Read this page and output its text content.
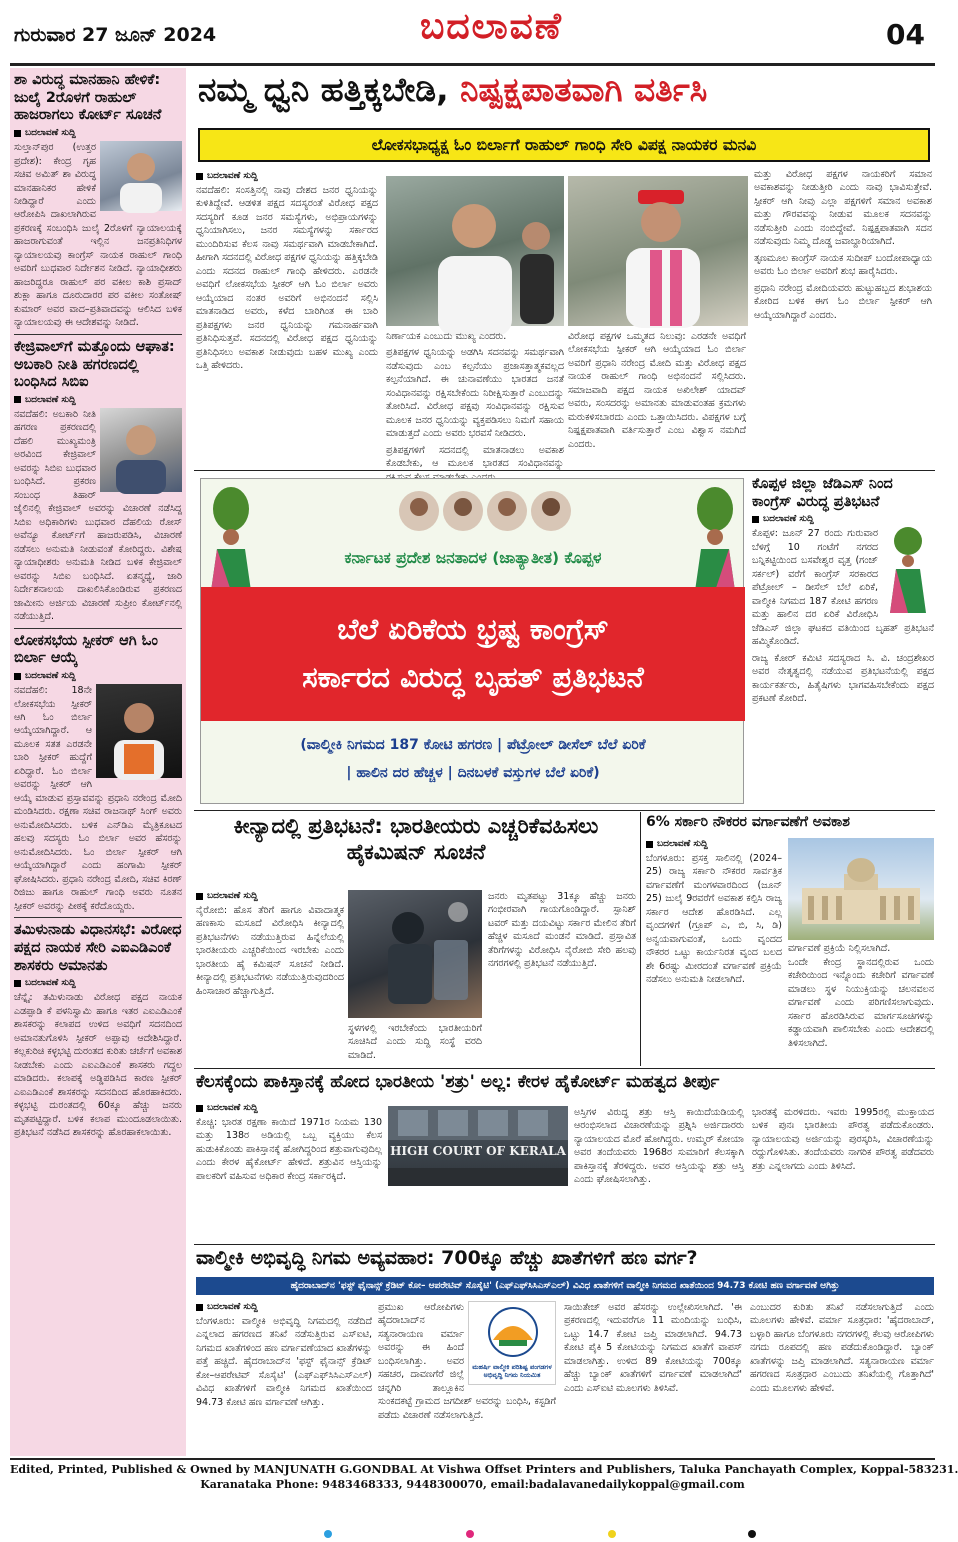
ಗುರುವಾರ 27 ಜೂನ್ 2024	ಬದಲಾವಣೆ	04
ಶಾ ವಿರುದ್ಧ ಮಾನಹಾನಿ ಹೇಳಿಕೆ: ಜುಲೈ 2ರೊಳಗೆ ರಾಹುಲ್ ಹಾಜರಾಗಲು ಕೋರ್ಟ್ ಸೂಚನೆ
ಬದಲಾವಣೆ ಸುದ್ದಿ
ಸುಲ್ತಾನ್‌ಪುರ (ಉತ್ತರ ಪ್ರದೇಶ): ಕೇಂದ್ರ ಗೃಹ ಸಚಿವ ಅಮಿತ್ ಶಾ ವಿರುದ್ಧ ಮಾನಹಾನಿಕರ ಹೇಳಿಕೆ ನೀಡಿದ್ದಾರೆ ಎಂದು ಆರೋಪಿಸಿ ದಾಖಲಾಗಿರುವ ಪ್ರಕರಣಕ್ಕೆ ಸಂಬಂಧಿಸಿ ಜುಲೈ 2ರೊಳಗೆ ನ್ಯಾಯಾಲಯಕ್ಕೆ ಹಾಜರಾಗುವಂತೆ ಇಲ್ಲಿನ ಜನಪ್ರತಿನಿಧಿಗಳ ನ್ಯಾಯಾಲಯವು ಕಾಂಗ್ರೆಸ್ ನಾಯಕ ರಾಹುಲ್ ಗಾಂಧಿ ಅವರಿಗೆ ಬುಧವಾರ ನಿರ್ದೇಶನ ನೀಡಿದೆ. ನ್ಯಾಯಾಧೀಶರು ಹಾಜರಿದ್ದರೂ ರಾಹುಲ್ ಪರ ವಕೀಲ ಕಾಶಿ ಪ್ರಸಾದ್ ಶುಕ್ಲಾ ಹಾಗೂ ದೂರುದಾರರ ಪರ ವಕೀಲ ಸಂತೋಷ್ ಕುಮಾರ್ ಅವರ ವಾದ–ಪ್ರತಿವಾದವನ್ನು ಆಲಿಸಿದ ಬಳಿಕ ನ್ಯಾಯಾಲಯವು ಈ ಆದೇಶವನ್ನು ನೀಡಿದೆ.
ಕೇಜ್ರಿವಾಲ್‌ಗೆ ಮತ್ತೊಂದು ಆಘಾತ: ಅಬಕಾರಿ ನೀತಿ ಹಗರಣದಲ್ಲಿ ಬಂಧಿಸಿದ ಸಿಬಿಐ
ಬದಲಾವಣೆ ಸುದ್ದಿ
ನವದೆಹಲಿ: ಅಬಕಾರಿ ನೀತಿ ಹಗರಣ ಪ್ರಕರಣದಲ್ಲಿ ದೆಹಲಿ ಮುಖ್ಯಮಂತ್ರಿ ಅರವಿಂದ ಕೇಜ್ರಿವಾಲ್ ಅವರನ್ನು ಸಿಬಿಐ ಬುಧವಾರ ಬಂಧಿಸಿದೆ. ಪ್ರಕರಣ ಸಂಬಂಧ ತಿಹಾರ್ ಜೈಲಿನಲ್ಲಿ ಕೇಜ್ರಿವಾಲ್ ಅವರನ್ನು ವಿಚಾರಣೆ ನಡೆಸಿದ್ದ ಸಿಬಿಐ ಅಧಿಕಾರಿಗಳು ಬುಧವಾರ ದೆಹಲಿಯ ರೋಸ್ ಅವೆನ್ಯೂ ಕೋರ್ಟ್‌ಗೆ ಹಾಜರುಪಡಿಸಿ, ವಿಚಾರಣೆ ನಡೆಸಲು ಅನುಮತಿ ನೀಡುವಂತೆ ಕೋರಿದ್ದರು. ವಿಶೇಷ ನ್ಯಾಯಾಧೀಶರು ಅನುಮತಿ ನೀಡಿದ ಬಳಿಕ ಕೇಜ್ರಿವಾಲ್ ಅವರನ್ನು ಸಿಬಿಐ ಬಂಧಿಸಿದೆ. ಏತನ್ಮಧ್ಯೆ, ಜಾರಿ ನಿರ್ದೇಶನಾಲಯ ದಾಖಲಿಸಿಕೊಂಡಿರುವ ಪ್ರಕರಣದ ಜಾಮೀನು ಅರ್ಜಿಯ ವಿಚಾರಣೆ ಸುಪ್ರೀಂ ಕೋರ್ಟ್‌ನಲ್ಲಿ ನಡೆಯುತ್ತಿದೆ.
ಲೋಕಸಭೆಯ ಸ್ಪೀಕರ್ ಆಗಿ ಓಂ ಬಿರ್ಲಾ ಆಯ್ಕೆ
ಬದಲಾವಣೆ ಸುದ್ದಿ
ನವದೆಹಲಿ: 18ನೇ ಲೋಕಸಭೆಯ ಸ್ಪೀಕರ್ ಆಗಿ ಓಂ ಬಿರ್ಲಾ ಆಯ್ಕೆಯಾಗಿದ್ದಾರೆ. ಆ ಮೂಲಕ ಸತತ ಎರಡನೇ ಬಾರಿ ಸ್ಪೀಕರ್ ಹುದ್ದೆಗೆ ಏರಿದ್ದಾರೆ. ಓಂ ಬಿರ್ಲಾ ಅವರನ್ನು ಸ್ಪೀಕರ್ ಆಗಿ ಆಯ್ಕೆ ಮಾಡುವ ಪ್ರಸ್ತಾವವನ್ನು ಪ್ರಧಾನಿ ನರೇಂದ್ರ ಮೋದಿ ಮಂಡಿಸಿದರು. ರಕ್ಷಣಾ ಸಚಿವ ರಾಜನಾಥ್ ಸಿಂಗ್ ಅವರು ಅನುಮೋದಿಸಿದರು. ಬಳಿಕ ಎನ್‌ಡಿಎ ಮೈತ್ರಿಕೂಟದ ಹಲವು ಸದಸ್ಯರು ಓಂ ಬಿರ್ಲಾ ಅವರ ಹೆಸರನ್ನು ಅನುಮೋದಿಸಿದರು. ಓಂ ಬಿರ್ಲಾ ಸ್ಪೀಕರ್ ಆಗಿ ಆಯ್ಕೆಯಾಗಿದ್ದಾರೆ ಎಂದು ಹಂಗಾಮಿ ಸ್ಪೀಕರ್ ಘೋಷಿಸಿದರು. ಪ್ರಧಾನಿ ನರೇಂದ್ರ ಮೋದಿ, ಸಚಿವ ಕಿರಣ್ ರಿಜಿಜು ಹಾಗೂ ರಾಹುಲ್ ಗಾಂಧಿ ಅವರು ನೂತನ ಸ್ಪೀಕರ್ ಅವರನ್ನು ಪೀಠಕ್ಕೆ ಕರೆದೊಯ್ದರು.
ತಮಿಳುನಾಡು ವಿಧಾನಸಭೆ: ವಿರೋಧ ಪಕ್ಷದ ನಾಯಕ ಸೇರಿ ಎಐಎಡಿಎಂಕೆ ಶಾಸಕರು ಅಮಾನತು
ಬದಲಾವಣೆ ಸುದ್ದಿ
ಚೆನ್ನೈ: ತಮಿಳುನಾಡು ವಿರೋಧ ಪಕ್ಷದ ನಾಯಕ ಎಡಪ್ಪಾಡಿ ಕೆ ಪಳನಿಸ್ವಾಮಿ ಹಾಗೂ ಇತರ ಎಐಎಡಿಎಂಕೆ ಶಾಸಕರನ್ನು ಕಲಾಪದ ಉಳಿದ ಅವಧಿಗೆ ಸದನದಿಂದ ಅಮಾನತುಗೊಳಿಸಿ ಸ್ಪೀಕರ್ ಅಪ್ಪಾವು ಆದೇಶಿಸಿದ್ದಾರೆ. ಕಲ್ಲಕುರಿಚಿ ಕಳ್ಳಭಟ್ಟಿ ದುರಂತದ ಕುರಿತು ಚರ್ಚೆಗೆ ಅವಕಾಶ ನೀಡಬೇಕು ಎಂದು ಎಐಎಡಿಎಂಕೆ ಶಾಸಕರು ಗದ್ದಲ ಮಾಡಿದರು. ಕಲಾಪಕ್ಕೆ ಅಡ್ಡಿಪಡಿಸಿದ ಕಾರಣ ಸ್ಪೀಕರ್ ಎಐಎಡಿಎಂಕೆ ಶಾಸಕರನ್ನು ಸದನದಿಂದ ಹೊರಹಾಕಿದರು. ಕಳ್ಳಭಟ್ಟಿ ದುರಂತದಲ್ಲಿ 60ಕ್ಕೂ ಹೆಚ್ಚು ಜನರು ಮೃತಪಟ್ಟಿದ್ದಾರೆ. ಬಳಿಕ ಕಲಾಪ ಮುಂದೂಡಲಾಯಿತು. ಪ್ರತಿಭಟನೆ ನಡೆಸಿದ ಶಾಸಕರನ್ನು ಹೊರಹಾಕಲಾಯಿತು.
ನಮ್ಮ ಧ್ವನಿ ಹತ್ತಿಕ್ಕಬೇಡಿ, ನಿಷ್ಪಕ್ಷಪಾತವಾಗಿ ವರ್ತಿಸಿ
ಲೋಕಸಭಾಧ್ಯಕ್ಷ ಓಂ ಬಿರ್ಲಾಗೆ ರಾಹುಲ್ ಗಾಂಧಿ ಸೇರಿ ವಿಪಕ್ಷ ನಾಯಕರ ಮನವಿ
ಬದಲಾವಣೆ ಸುದ್ದಿ
ನವದೆಹಲಿ: ಸಂಸತ್ತಿನಲ್ಲಿ ನಾವು ದೇಶದ ಜನರ ಧ್ವನಿಯನ್ನು ಕುಳಿತಿದ್ದೇವೆ. ಆಡಳಿತ ಪಕ್ಷದ ಸದಸ್ಯರಂತೆ ವಿರೋಧ ಪಕ್ಷದ ಸದಸ್ಯರಿಗೆ ಕೂಡ ಜನರ ಸಮಸ್ಯೆಗಳು, ಅಭಿಪ್ರಾಯಗಳನ್ನು ಧ್ವನಿಯಾಗಿಸಲು, ಜನರ ಸಮಸ್ಯೆಗಳನ್ನು ಸರ್ಕಾರದ ಮುಂದಿರಿಸುವ ಕೆಲಸ ನಾವು ಸಮರ್ಥವಾಗಿ ಮಾಡಬೇಕಾಗಿದೆ. ಹೀಗಾಗಿ ಸದನದಲ್ಲಿ ವಿರೋಧ ಪಕ್ಷಗಳ ಧ್ವನಿಯನ್ನು ಹತ್ತಿಕ್ಕಬೇಡಿ ಎಂದು ಸದನದ ರಾಹುಲ್ ಗಾಂಧಿ ಹೇಳಿದರು. ಎರಡನೇ ಅವಧಿಗೆ ಲೋಕಸಭೆಯ ಸ್ಪೀಕರ್ ಆಗಿ ಓಂ ಬಿರ್ಲಾ ಅವರು ಆಯ್ಕೆಯಾದ ನಂತರ ಅವರಿಗೆ ಅಭಿನಂದನೆ ಸಲ್ಲಿಸಿ ಮಾತನಾಡಿದ ಅವರು, ಕಳೆದ ಬಾರಿಗಿಂತ ಈ ಬಾರಿ ಪ್ರತಿಪಕ್ಷಗಳು ಜನರ ಧ್ವನಿಯನ್ನು ಗಮನಾರ್ಹವಾಗಿ ಪ್ರತಿನಿಧಿಸುತ್ತವೆ. ಸದನದಲ್ಲಿ ವಿರೋಧ ಪಕ್ಷದ ಧ್ವನಿಯನ್ನು ಪ್ರತಿನಿಧಿಸಲು ಅವಕಾಶ ನೀಡುವುದು ಬಹಳ ಮುಖ್ಯ ಎಂದು ಒತ್ತಿ ಹೇಳಿದರು.

ನಿರ್ಣಾಯಕ ಎಂಬುದು ಮುಖ್ಯ ಎಂದರು.

ಪ್ರತಿಪಕ್ಷಗಳ ಧ್ವನಿಯನ್ನು ಅಡಗಿಸಿ ಸದನವನ್ನು ಸಮರ್ಥವಾಗಿ ನಡೆಸುವುದು ಎಂಬ ಕಲ್ಪನೆಯು ಪ್ರಜಾಸತ್ತಾತ್ಮಕವಲ್ಲದ ಕಲ್ಪನೆಯಾಗಿದೆ. ಈ ಚುನಾವಣೆಯು ಭಾರತದ ಜನತೆ ಸಂವಿಧಾನವನ್ನು ರಕ್ಷಿಸಬೇಕೆಂದು ನಿರೀಕ್ಷಿಸುತ್ತಾರೆ ಎಂಬುದನ್ನು ತೋರಿಸಿದೆ. ವಿರೋಧ ಪಕ್ಷವು ಸಂವಿಧಾನವನ್ನು ರಕ್ಷಿಸುವ ಮೂಲಕ ಜನರ ಧ್ವನಿಯನ್ನು ವ್ಯಕ್ತಪಡಿಸಲು ನಿಮಗೆ ಸಹಾಯ ಮಾಡುತ್ತದೆ ಎಂದು ಅವರು ಭರವಸೆ ನೀಡಿದರು.

ಪ್ರತಿಪಕ್ಷಗಳಿಗೆ ಸದನದಲ್ಲಿ ಮಾತನಾಡಲು ಅವಕಾಶ ಕೊಡಬೇಕು, ಆ ಮೂಲಕ ಭಾರತದ ಸಂವಿಧಾನವನ್ನು

ವಿರೋಧ ಪಕ್ಷಗಳ ಒಮ್ಮತದ ನಿಲುವು: ಎರಡನೇ ಅವಧಿಗೆ ಲೋಕಸಭೆಯ ಸ್ಪೀಕರ್ ಆಗಿ ಆಯ್ಕೆಯಾದ ಓಂ ಬಿರ್ಲಾ ಅವರಿಗೆ ಪ್ರಧಾನಿ ನರೇಂದ್ರ ಮೋದಿ ಮತ್ತು ವಿರೋಧ ಪಕ್ಷದ ನಾಯಕ ರಾಹುಲ್ ಗಾಂಧಿ ಅಭಿನಂದನೆ ಸಲ್ಲಿಸಿದರು. ಸಮಾಜವಾದಿ ಪಕ್ಷದ ನಾಯಕ ಅಖಿಲೇಶ್ ಯಾದವ್ ಅವರು, ಸಂಸದರನ್ನು ಅಮಾನತು ಮಾಡುವಂತಹ ಕ್ರಮಗಳು ಮರುಕಳಿಸಬಾರದು ಎಂದು ಒತ್ತಾಯಿಸಿದರು. ವಿಪಕ್ಷಗಳ ಬಗ್ಗೆ ನಿಷ್ಪಕ್ಷಪಾತವಾಗಿ ವರ್ತಿಸುತ್ತಾರೆ ಎಂಬ ವಿಶ್ವಾಸ ನಮಗಿದೆ ಎಂದರು.

ಮತ್ತು ವಿರೋಧ ಪಕ್ಷಗಳ ನಾಯಕರಿಗೆ ಸಮಾನ ಅವಕಾಶವನ್ನು ನೀಡುತ್ತೀರಿ ಎಂದು ನಾವು ಭಾವಿಸುತ್ತೇವೆ. ಸ್ಪೀಕರ್ ಆಗಿ ನೀವು ಎಲ್ಲಾ ಪಕ್ಷಗಳಿಗೆ ಸಮಾನ ಅವಕಾಶ ಮತ್ತು ಗೌರವವನ್ನು ನೀಡುವ ಮೂಲಕ ಸದನವನ್ನು ನಡೆಸುತ್ತೀರಿ ಎಂದು ನಂಬಿದ್ದೇವೆ. ನಿಷ್ಪಕ್ಷಪಾತವಾಗಿ ಸದನ ನಡೆಸುವುದು ನಿಮ್ಮ ದೊಡ್ಡ ಜವಾಬ್ದಾರಿಯಾಗಿದೆ.

ತೃಣಮೂಲ ಕಾಂಗ್ರೆಸ್ ನಾಯಕ ಸುದೀಪ್ ಬಂದೋಪಾಧ್ಯಾಯ ಅವರು ಓಂ ಬಿರ್ಲಾ ಅವರಿಗೆ ಶುಭ ಹಾರೈಸಿದರು.

ಪ್ರಧಾನಿ ನರೇಂದ್ರ ಮೋದಿಯವರು ಹುಟ್ಟುಹಬ್ಬದ ಶುಭಾಶಯ ಕೋರಿದ ಬಳಿಕ ಈಗ ಓಂ ಬಿರ್ಲಾ ಸ್ಪೀಕರ್ ಆಗಿ ಆಯ್ಕೆಯಾಗಿದ್ದಾರೆ ಎಂದರು.

ಕರ್ನಾಟಕ ಪ್ರದೇಶ ಜನತಾದಳ (ಜಾತ್ಯಾತೀತ) ಕೊಪ್ಪಳ
ಬೆಲೆ ಏರಿಕೆಯ ಭ್ರಷ್ಟ ಕಾಂಗ್ರೆಸ್
ಸರ್ಕಾರದ ವಿರುದ್ಧ ಬೃಹತ್ ಪ್ರತಿಭಟನೆ
(ವಾಲ್ಮೀಕಿ ನಿಗಮದ 187 ಕೋಟಿ ಹಗರಣ | ಪೆಟ್ರೋಲ್ ಡೀಸೆಲ್ ಬೆಲೆ ಏರಿಕೆ
| ಹಾಲಿನ ದರ ಹೆಚ್ಚಳ | ದಿನಬಳಕೆ ವಸ್ತುಗಳ ಬೆಲೆ ಏರಿಕೆ)
ಕೊಪ್ಪಳ ಜಿಲ್ಲಾ ಜೆಡಿಎಸ್ ನಿಂದ ಕಾಂಗ್ರೆಸ್ ವಿರುದ್ಧ ಪ್ರತಿಭಟನೆ
ಬದಲಾವಣೆ ಸುದ್ದಿ

ಕೊಪ್ಪಳ: ಜೂನ್ 27 ರಂದು ಗುರುವಾರ ಬೆಳಿಗ್ಗೆ 10 ಗಂಟೆಗೆ ನಗರದ ಬನ್ನಿಕಟ್ಟಿಯಿಂದ ಬಸವೇಶ್ವರ ವೃತ್ತ (ಗಂಜ್ ಸರ್ಕಲ್) ವರೆಗೆ ಕಾಂಗ್ರೆಸ್ ಸರಕಾರದ ಪೆಟ್ರೋಲ್ – ಡೀಸೆಲ್ ಬೆಲೆ ಏರಿಕೆ, ವಾಲ್ಮೀಕಿ ನಿಗಮದ 187 ಕೋಟಿ ಹಗರಣ ಮತ್ತು ಹಾಲಿನ ದರ ಏರಿಕೆ ವಿರೋಧಿಸಿ ಜೆಡಿಎಸ್ ಜಿಲ್ಲಾ ಘಟಕದ ವತಿಯಿಂದ ಬೃಹತ್ ಪ್ರತಿಭಟನೆ ಹಮ್ಮಿಕೊಂಡಿದೆ.

ರಾಜ್ಯ ಕೋರ್ ಕಮಿಟಿ ಸದಸ್ಯರಾದ ಸಿ. ವಿ. ಚಂದ್ರಶೇಖರ ಅವರ ನೇತೃತ್ವದಲ್ಲಿ ನಡೆಯುವ ಪ್ರತಿಭಟನೆಯಲ್ಲಿ ಪಕ್ಷದ ಕಾರ್ಯಕರ್ತರು, ಹಿತೈಷಿಗಳು ಭಾಗವಹಿಸಬೇಕೆಂದು ಪಕ್ಷದ ಪ್ರಕಟಣೆ ಕೋರಿದೆ.

ಕೀನ್ಯಾದಲ್ಲಿ ಪ್ರತಿಭಟನೆ: ಭಾರತೀಯರು ಎಚ್ಚರಿಕೆವಹಿಸಲು ಹೈಕಮಿಷನ್ ಸೂಚನೆ
ಬದಲಾವಣೆ ಸುದ್ದಿ
ನೈರೋಬಿ: ಹೊಸ ತೆರಿಗೆ ಹಾಗೂ ವಿವಾದಾತ್ಮಕ ಹಣಕಾಸು ಮಸೂದೆ ವಿರೋಧಿಸಿ ಕೀನ್ಯಾದಲ್ಲಿ ಪ್ರತಿಭಟನೆಗಳು ನಡೆಯುತ್ತಿರುವ ಹಿನ್ನೆಲೆಯಲ್ಲಿ ಭಾರತೀಯರು ಎಚ್ಚರಿಕೆಯಿಂದ ಇರಬೇಕು ಎಂದು ಭಾರತೀಯ ಹೈ ಕಮಿಷನ್ ಸೂಚನೆ ನೀಡಿದೆ. ಕೀನ್ಯಾದಲ್ಲಿ ಪ್ರತಿಭಟನೆಗಳು ನಡೆಯುತ್ತಿರುವುದರಿಂದ ಹಿಂಸಾಚಾರ ಹೆಚ್ಚಾಗುತ್ತಿದೆ.
ಸ್ಥಳಗಳಲ್ಲಿ ಇರಬೇಕೆಂದು ಭಾರತೀಯರಿಗೆ ಸೂಚಿಸಿದೆ ಎಂದು ಸುದ್ದಿ ಸಂಸ್ಥೆ ವರದಿ ಮಾಡಿದೆ.
ಜನರು ಮೃತಪಟ್ಟು 31ಕ್ಕೂ ಹೆಚ್ಚು ಜನರು ಗಂಭೀರವಾಗಿ ಗಾಯಗೊಂಡಿದ್ದಾರೆ. ಸ್ಪಾನಿಶ್ ಟವರ್ ಮತ್ತು ದಯವಿಟ್ಟು ಸರ್ಕಾರ ಮೇಲಿನ ತೆರಿಗೆ ಹೆಚ್ಚಳ ಮಸೂದೆ ಮಂಡನೆ ಮಾಡಿದೆ. ಪ್ರಸ್ತಾವಿತ ತೆರಿಗೆಗಳನ್ನು ವಿರೋಧಿಸಿ ನೈರೋಬಿ ಸೇರಿ ಹಲವು ನಗರಗಳಲ್ಲಿ ಪ್ರತಿಭಟನೆ ನಡೆಯುತ್ತಿದೆ.
6% ಸರ್ಕಾರಿ ನೌಕರರ ವರ್ಗಾವಣೆಗೆ ಅವಕಾಶ
ಬದಲಾವಣೆ ಸುದ್ದಿ
ಬೆಂಗಳೂರು: ಪ್ರಸಕ್ತ ಸಾಲಿನಲ್ಲಿ (2024–25) ರಾಜ್ಯ ಸರ್ಕಾರಿ ನೌಕರರ ಸಾರ್ವತ್ರಿಕ ವರ್ಗಾವಣೆಗೆ ಮಂಗಳವಾರದಿಂದ (ಜೂನ್ 25) ಜುಲೈ 9ರವರೆಗೆ ಅವಕಾಶ ಕಲ್ಪಿಸಿ ರಾಜ್ಯ ಸರ್ಕಾರ ಆದೇಶ ಹೊರಡಿಸಿದೆ. ಎಲ್ಲ ವೃಂದಗಳಿಗೆ (ಗ್ರೂಪ್ ಎ, ಬಿ, ಸಿ, ಡಿ) ಅನ್ವಯವಾಗುವಂತೆ, ಒಂದು ವೃಂದದ ನೌಕರರ ಒಟ್ಟು ಕಾರ್ಯನಿರತ ವೃಂದ ಬಲದ ಶೇ 6ರಷ್ಟು ಮೀರದಂತೆ ವರ್ಗಾವಣೆ ಪ್ರಕ್ರಿಯೆ ನಡೆಸಲು ಅನುಮತಿ ನೀಡಲಾಗಿದೆ.
ವರ್ಗಾವಣೆ ಪ್ರಕ್ರಿಯೆ ನಿಲ್ಲಿಸಲಾಗಿದೆ.
ಒಂದೇ ಕೇಂದ್ರ ಸ್ಥಾನದಲ್ಲಿರುವ ಒಂದು ಕಚೇರಿಯಿಂದ ಇನ್ನೊಂದು ಕಚೇರಿಗೆ ವರ್ಗಾವಣೆ ಮಾಡಲು ಸ್ಥಳ ನಿಯುಕ್ತಿಯನ್ನು ಚಲನವಲನ ವರ್ಗಾವಣೆ ಎಂದು ಪರಿಗಣಿಸಲಾಗುವುದು. ಸರ್ಕಾರ ಹೊರಡಿಸಿರುವ ಮಾರ್ಗಸೂಚಿಗಳನ್ನು ಕಡ್ಡಾಯವಾಗಿ ಪಾಲಿಸಬೇಕು ಎಂದು ಆದೇಶದಲ್ಲಿ ತಿಳಿಸಲಾಗಿದೆ.
ಕೆಲಸಕ್ಕೆಂದು ಪಾಕಿಸ್ತಾನಕ್ಕೆ ಹೋದ ಭಾರತೀಯ 'ಶತ್ರು' ಅಲ್ಲ: ಕೇರಳ ಹೈಕೋರ್ಟ್ ಮಹತ್ವದ ತೀರ್ಪು
ಬದಲಾವಣೆ ಸುದ್ದಿ
ಕೊಚ್ಚಿ: ಭಾರತ ರಕ್ಷಣಾ ಕಾಯಿದೆ 1971ರ ನಿಯಮ 130 ಮತ್ತು 138ರ ಅಡಿಯಲ್ಲಿ ಒಬ್ಬ ವ್ಯಕ್ತಿಯು ಕೆಲಸ ಹುಡುಕಿಕೊಂಡು ಪಾಕಿಸ್ತಾನಕ್ಕೆ ಹೋಗಿದ್ದರಿಂದ ಶತ್ರುವಾಗುವುದಿಲ್ಲ ಎಂದು ಕೇರಳ ಹೈಕೋರ್ಟ್ ಹೇಳಿದೆ. ಶತ್ರುವಿನ ಆಸ್ತಿಯನ್ನು ಪಾಲಕರಿಗೆ ವಹಿಸುವ ಅಧಿಕಾರ ಕೇಂದ್ರ ಸರ್ಕಾರಕ್ಕಿದೆ.
HIGH COURT OF KERALA
ಅಸ್ತಿಗಳ ವಿರುದ್ಧ ಶತ್ರು ಆಸ್ತಿ ಕಾಯಿದೆಯಡಿಯಲ್ಲಿ ಆರಂಭಿಸಲಾದ ವಿಚಾರಣೆಯನ್ನು ಪ್ರಶ್ನಿಸಿ ಅರ್ಜಿದಾರರು ನ್ಯಾಯಾಲಯದ ಮೊರೆ ಹೋಗಿದ್ದರು. ಉಮ್ಮರ್ ಕೋಯಾ ಅವರ ತಂದೆಯವರು 1968ರ ಸುಮಾರಿಗೆ ಕೆಲಸಕ್ಕಾಗಿ ಪಾಕಿಸ್ತಾನಕ್ಕೆ ತೆರಳಿದ್ದರು. ಅವರ ಆಸ್ತಿಯನ್ನು ಶತ್ರು ಆಸ್ತಿ ಎಂದು ಘೋಷಿಸಲಾಗಿತ್ತು.
ಭಾರತಕ್ಕೆ ಮರಳಿದರು. ಇವರು 1995ರಲ್ಲಿ ಮುಕ್ತಾಯದ ಬಳಿಕ ಪುನಃ ಭಾರತೀಯ ಪೌರತ್ವ ಪಡೆದುಕೊಂಡರು. ನ್ಯಾಯಾಲಯವು ಅರ್ಜಿಯನ್ನು ಪುರಸ್ಕರಿಸಿ, ವಿಚಾರಣೆಯನ್ನು ರದ್ದುಗೊಳಿಸಿತು. ತಂದೆಯವರು ನಾಗರಿಕ ಪೌರತ್ವ ಪಡೆದವರು ಶತ್ರು ಎನ್ನಲಾಗದು ಎಂದು ತಿಳಿಸಿದೆ.
ವಾಲ್ಮೀಕಿ ಅಭಿವೃದ್ಧಿ ನಿಗಮ ಅವ್ಯವಹಾರ: 700ಕ್ಕೂ ಹೆಚ್ಚು ಖಾತೆಗಳಿಗೆ ಹಣ ವರ್ಗ?
ಹೈದರಾಬಾದ್‌ನ 'ಫಸ್ಟ್ ಫೈನಾನ್ಸ್ ಕ್ರೆಡಿಟ್ ಕೋ– ಆಪರೇಟಿವ್ ಸೊಸೈಟಿ' (ಎಫ್‌ಎಫ್‌ಸಿಸಿಎಸ್‌ಎಲ್) ವಿವಿಧ ಖಾತೆಗಳಿಗೆ ವಾಲ್ಮೀಕಿ ನಿಗಮದ ಖಾತೆಯಿಂದ 94.73 ಕೋಟಿ ಹಣ ವರ್ಗಾವಣೆ ಆಗಿತ್ತು
ಬದಲಾವಣೆ ಸುದ್ದಿ
ಬೆಂಗಳೂರು: ವಾಲ್ಮೀಕಿ ಅಭಿವೃದ್ಧಿ ನಿಗಮದಲ್ಲಿ ನಡೆದಿದೆ ಎನ್ನಲಾದ ಹಗರಣದ ತನಿಖೆ ನಡೆಸುತ್ತಿರುವ ಎಸ್‌ಐಟಿ, ನಿಗಮದ ಖಾತೆಗಳಿಂದ ಹಣ ವರ್ಗಾವಣೆಯಾದ ಖಾತೆಗಳನ್ನು ಪತ್ತೆ ಹಚ್ಚಿದೆ. ಹೈದರಾಬಾದ್‌ನ 'ಫಸ್ಟ್ ಫೈನಾನ್ಸ್ ಕ್ರೆಡಿಟ್ ಕೋ–ಆಪರೇಟಿವ್ ಸೊಸೈಟಿ' (ಎಫ್‌ಎಫ್‌ಸಿಸಿಎಸ್‌ಎಲ್) ವಿವಿಧ ಖಾತೆಗಳಿಗೆ ವಾಲ್ಮೀಕಿ ನಿಗಮದ ಖಾತೆಯಿಂದ 94.73 ಕೋಟಿ ಹಣ ವರ್ಗಾವಣೆ ಆಗಿತ್ತು.
ಮಹರ್ಷಿ ವಾಲ್ಮೀಕಿ ಪರಿಶಿಷ್ಟ ಪಂಗಡಗಳ ಅಭಿವೃದ್ಧಿ ನಿಗಮ ನಿಯಮಿತ
ಪ್ರಮುಖ ಆರೋಪಿಗಳು ಹೈದರಾಬಾದ್‌ನ ಸತ್ಯನಾರಾಯಣ ವರ್ಮಾ ಅವರನ್ನು ಈ ಹಿಂದೆ ಬಂಧಿಸಲಾಗಿತ್ತು. ಅವರ ಸಹಚರ, ದಾವಣಗೆರೆ ಜಿಲ್ಲೆ ಚನ್ನಗಿರಿ ತಾಲ್ಲೂಕಿನ ಸುಂಕದಕಟ್ಟೆ ಗ್ರಾಮದ ಜಗದೀಶ್ ಅವರನ್ನು ಬಂಧಿಸಿ, ಕಸ್ಟಡಿಗೆ ಪಡೆದು ವಿಚಾರಣೆ ನಡೆಸಲಾಗುತ್ತಿದೆ.
ಸಾಯಿತೇಜ್ ಅವರ ಹೆಸರನ್ನು ಉಲ್ಲೇಖಿಸಲಾಗಿದೆ. 'ಈ ಪ್ರಕರಣದಲ್ಲಿ ಇದುವರೆಗೂ 11 ಮಂದಿಯನ್ನು ಬಂಧಿಸಿ, ಒಟ್ಟು 14.7 ಕೋಟಿ ಜಪ್ತಿ ಮಾಡಲಾಗಿದೆ. 94.73 ಕೋಟಿ ಪೈಕಿ 5 ಕೋಟಿಯನ್ನು ನಿಗಮದ ಖಾತೆಗೆ ವಾಪಸ್ ಮಾಡಲಾಗಿತ್ತು. ಉಳಿದ 89 ಕೋಟಿಯನ್ನು 700ಕ್ಕೂ ಹೆಚ್ಚು ಬ್ಯಾಂಕ್ ಖಾತೆಗಳಿಗೆ ವರ್ಗಾವಣೆ ಮಾಡಲಾಗಿದೆ' ಎಂದು ಎಸ್‌ಐಟಿ ಮೂಲಗಳು ತಿಳಿಸಿವೆ.
ಎಂಬುದರ ಕುರಿತು ತನಿಖೆ ನಡೆಸಲಾಗುತ್ತಿದೆ ಎಂದು ಮೂಲಗಳು ಹೇಳಿವೆ. ವರ್ಮಾ ಸೂತ್ರಧಾರ: 'ಹೈದರಾಬಾದ್, ಬಳ್ಳಾರಿ ಹಾಗೂ ಬೆಂಗಳೂರು ನಗರಗಳಲ್ಲಿ ಕೆಲವು ಆರೋಪಿಗಳು ನಗದು ರೂಪದಲ್ಲಿ ಹಣ ಪಡೆದುಕೊಂಡಿದ್ದಾರೆ. ಬ್ಯಾಂಕ್ ಖಾತೆಗಳನ್ನು ಜಪ್ತಿ ಮಾಡಲಾಗಿದೆ. ಸತ್ಯನಾರಾಯಣ ವರ್ಮಾ ಹಗರಣದ ಸೂತ್ರಧಾರ ಎಂಬುದು ತನಿಖೆಯಲ್ಲಿ ಗೊತ್ತಾಗಿದೆ' ಎಂದು ಮೂಲಗಳು ಹೇಳಿವೆ.
Edited, Printed, Published & Owned by MANJUNATH G.GONDBAL At Vishwa Offset Printers and Publishers, Taluka Panchayath Complex, Koppal-583231.
Karanataka Phone: 9483468333, 9448300070, email:badalavanedailykoppal@gmail.com
